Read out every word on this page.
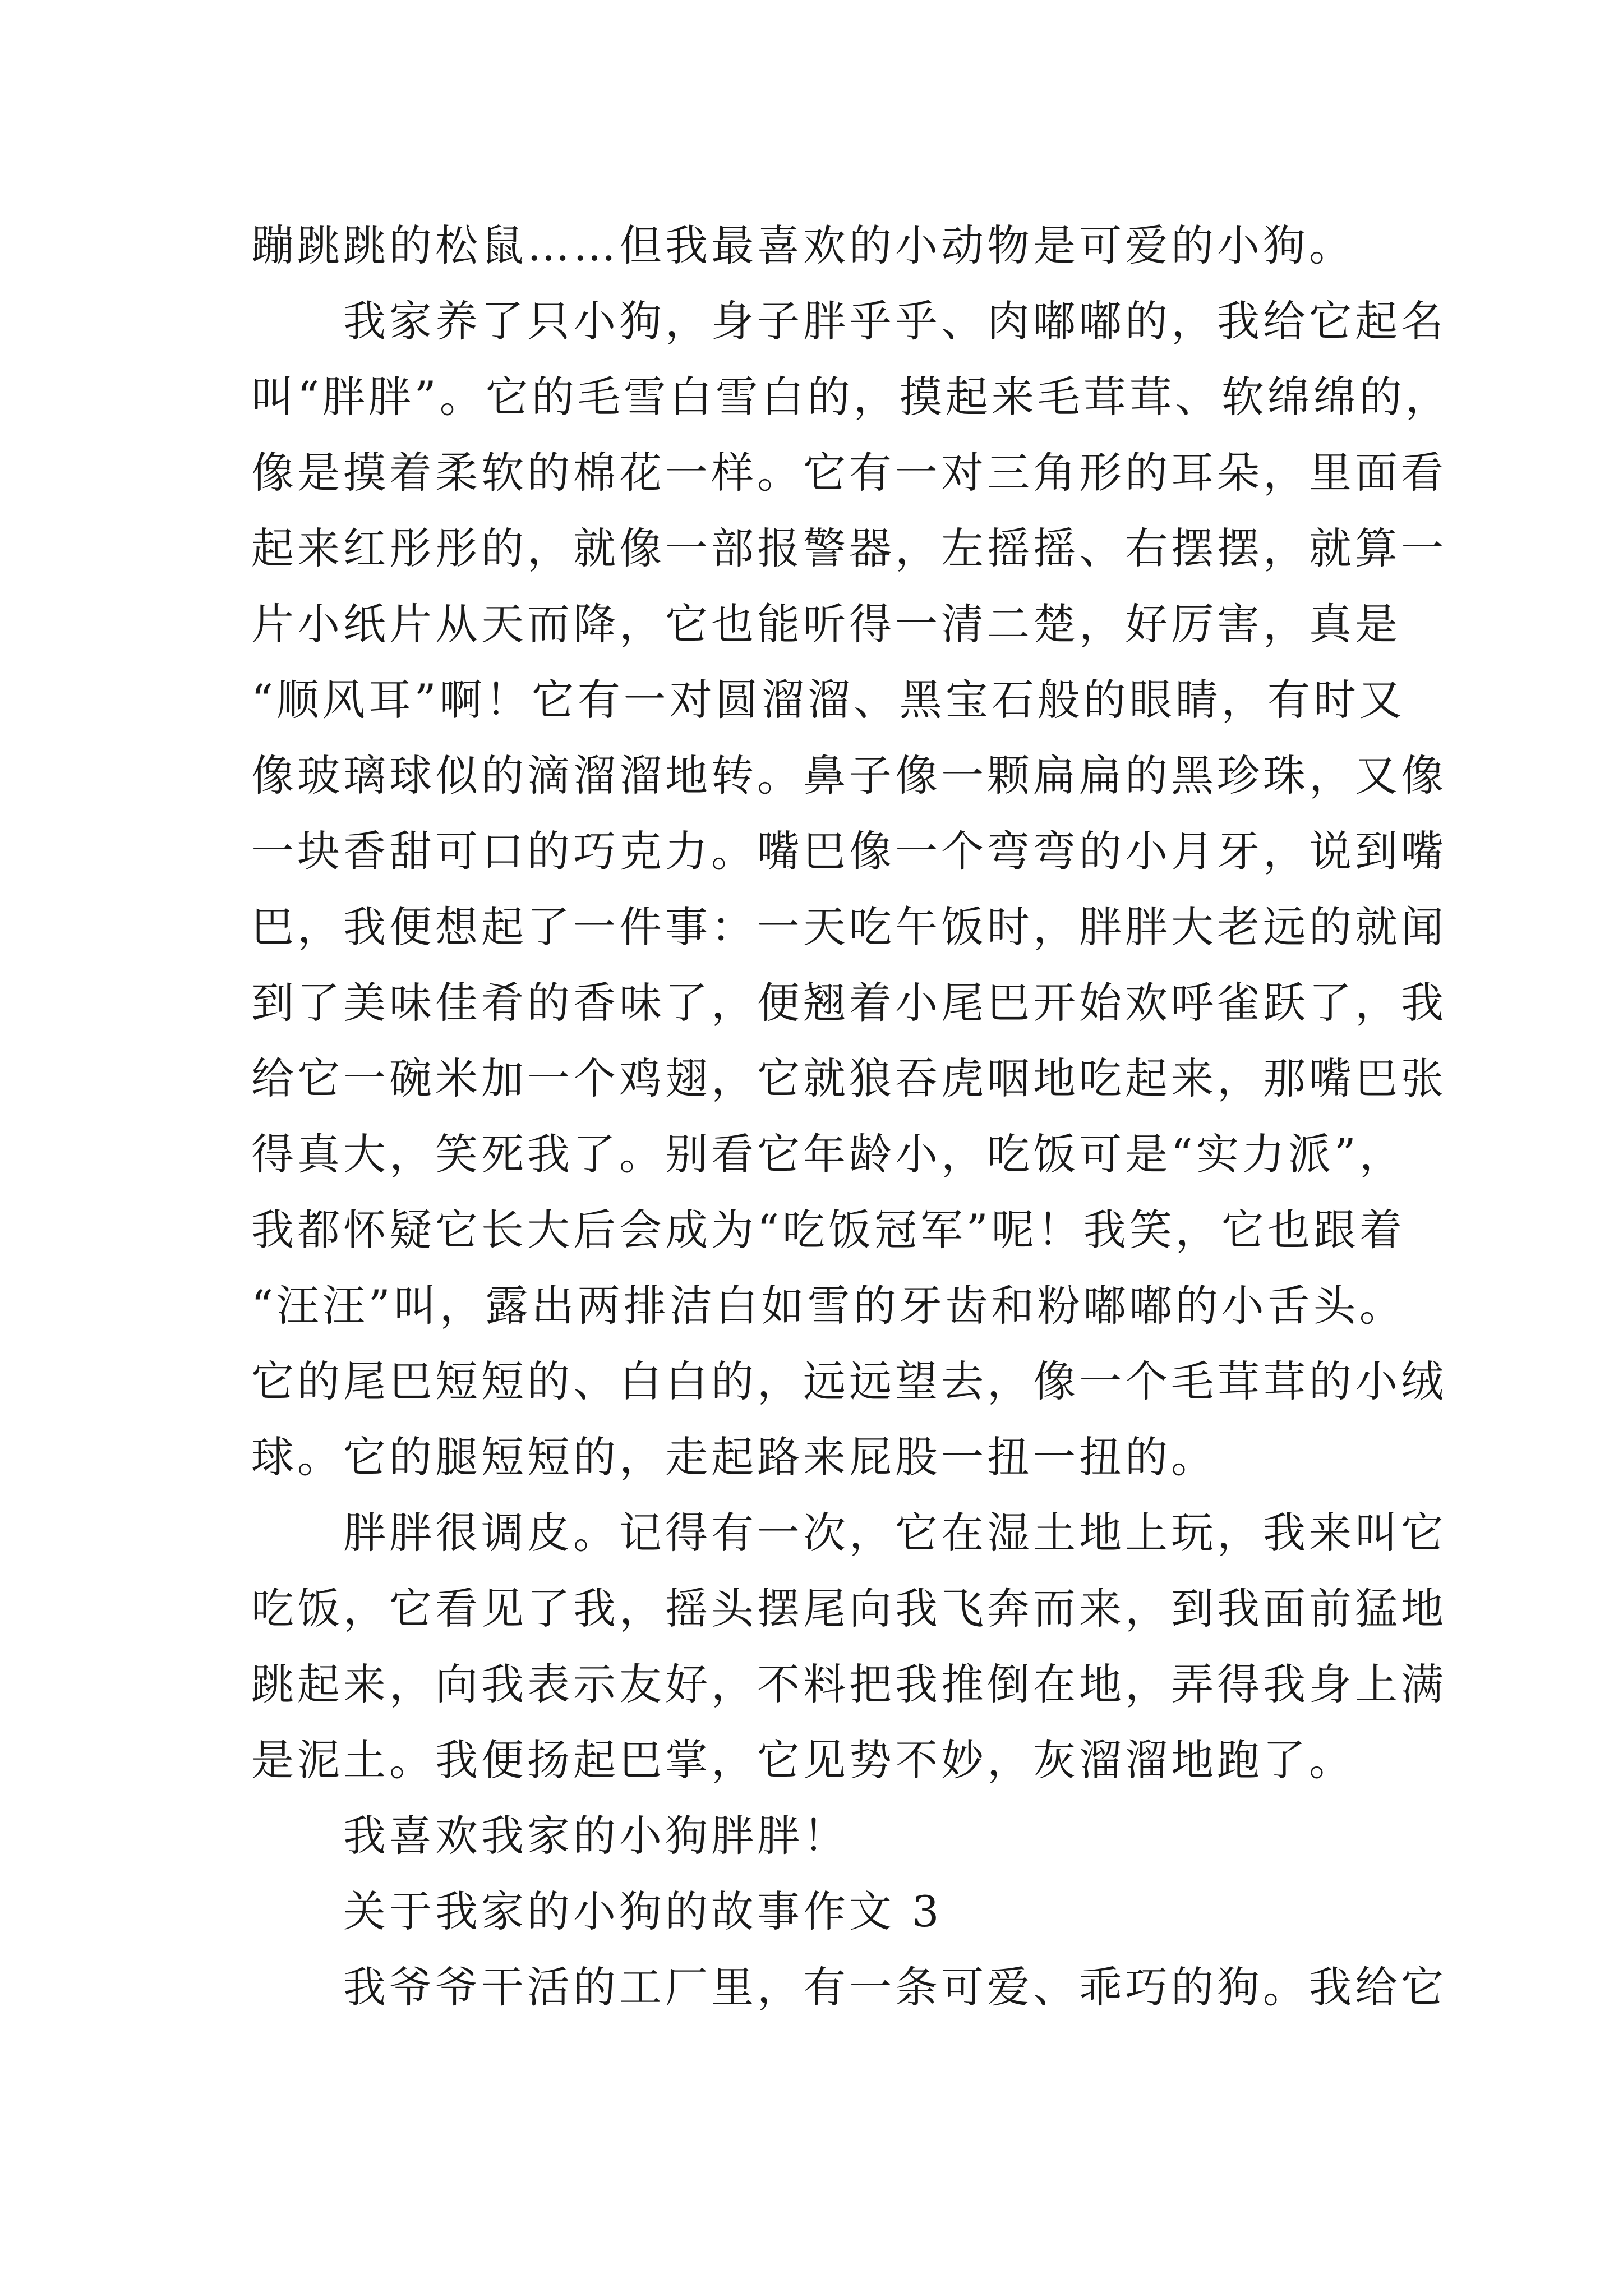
蹦跳跳的松鼠……但我最喜欢的小动物是可爱的小狗。
我家养了只小狗，身子胖乎乎、肉嘟嘟的，我给它起名
叫“胖胖”。它的毛雪白雪白的，摸起来毛茸茸、软绵绵的，
像是摸着柔软的棉花一样。它有一对三角形的耳朵，里面看
起来红彤彤的，就像一部报警器，左摇摇、右摆摆，就算一
片小纸片从天而降，它也能听得一清二楚，好厉害，真是
“顺风耳”啊！它有一对圆溜溜、黑宝石般的眼睛，有时又
像玻璃球似的滴溜溜地转。鼻子像一颗扁扁的黑珍珠，又像
一块香甜可口的巧克力。嘴巴像一个弯弯的小月牙，说到嘴
巴，我便想起了一件事：一天吃午饭时，胖胖大老远的就闻
到了美味佳肴的香味了，便翘着小尾巴开始欢呼雀跃了，我
给它一碗米加一个鸡翅，它就狼吞虎咽地吃起来，那嘴巴张
得真大，笑死我了。别看它年龄小，吃饭可是“实力派”，
我都怀疑它长大后会成为“吃饭冠军”呢！我笑，它也跟着
“汪汪”叫，露出两排洁白如雪的牙齿和粉嘟嘟的小舌头。
它的尾巴短短的、白白的，远远望去，像一个毛茸茸的小绒
球。它的腿短短的，走起路来屁股一扭一扭的。
胖胖很调皮。记得有一次，它在湿土地上玩，我来叫它
吃饭，它看见了我，摇头摆尾向我飞奔而来，到我面前猛地
跳起来，向我表示友好，不料把我推倒在地，弄得我身上满
是泥土。我便扬起巴掌，它见势不妙，灰溜溜地跑了。
我喜欢我家的小狗胖胖！
关于我家的小狗的故事作文 3
我爷爷干活的工厂里，有一条可爱、乖巧的狗。我给它
